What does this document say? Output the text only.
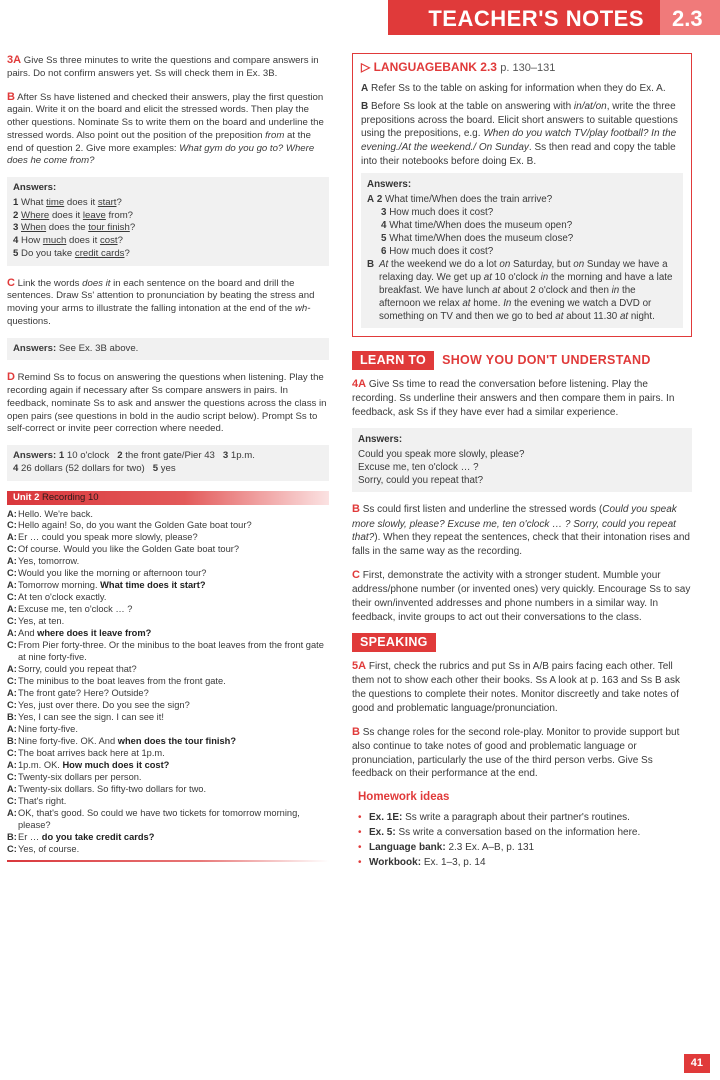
TEACHER'S NOTES	2.3

3A Give Ss three minutes to write the questions and compare answers in pairs. Do not confirm answers yet. Ss will check them in Ex. 3B.

B After Ss have listened and checked their answers, play the first question again. Write it on the board and elicit the stressed words. Then play the other questions. Nominate Ss to write them on the board and underline the stressed words. Also point out the position of the preposition from at the end of question 2. Give more examples: What gym do you go to? Where does he come from?

Answers:
1 What time does it start?
2 Where does it leave from?
3 When does the tour finish?
4 How much does it cost?
5 Do you take credit cards?

C Link the words does it in each sentence on the board and drill the sentences. Draw Ss' attention to pronunciation by beating the stress and moving your arms to illustrate the falling intonation at the end of the wh- questions.

Answers: See Ex. 3B above.

D Remind Ss to focus on answering the questions when listening. Play the recording again if necessary after Ss compare answers in pairs. In feedback, nominate Ss to ask and answer the questions across the class in open pairs (see questions in bold in the audio script below). Prompt Ss to self-correct or invite peer correction where needed.

Answers: 1 10 o'clock 2 the front gate/Pier 43 3 1p.m.
4 26 dollars (52 dollars for two) 5 yes
Unit 2 Recording 10
A: Hello. We're back.
C: Hello again! So, do you want the Golden Gate boat tour?
A: Er … could you speak more slowly, please?
C: Of course. Would you like the Golden Gate boat tour?
A: Yes, tomorrow.
C: Would you like the morning or afternoon tour?
A: Tomorrow morning. What time does it start?
C: At ten o'clock exactly.
A: Excuse me, ten o'clock … ?
C: Yes, at ten.
A: And where does it leave from?
C: From Pier forty-three. Or the minibus to the boat leaves from the front gate at nine forty-five.
A: Sorry, could you repeat that?
C: The minibus to the boat leaves from the front gate.
A: The front gate? Here? Outside?
C: Yes, just over there. Do you see the sign?
B: Yes, I can see the sign. I can see it!
A: Nine forty-five.
B: Nine forty-five. OK. And when does the tour finish?
C: The boat arrives back here at 1p.m.
A: 1p.m. OK. How much does it cost?
C: Twenty-six dollars per person.
A: Twenty-six dollars. So fifty-two dollars for two.
C: That's right.
A: OK, that's good. So could we have two tickets for tomorrow morning, please?
B: Er … do you take credit cards?
C: Yes, of course.
▷ LANGUAGEBANK 2.3 p. 130–131

A Refer Ss to the table on asking for information when they do Ex. A.

B Before Ss look at the table on answering with in/at/on, write the three prepositions across the board. Elicit short answers to suitable questions using the prepositions, e.g. When do you watch TV/play football? In the evening./At the weekend./ On Sunday. Ss then read and copy the table into their notebooks before doing Ex. B.

Answers:
A 2 What time/When does the train arrive?
3 How much does it cost?
4 What time/When does the museum open?
5 What time/When does the museum close?
6 How much does it cost?
B At the weekend we do a lot on Saturday, but on Sunday we have a relaxing day. We get up at 10 o'clock in the morning and have a late breakfast. We have lunch at about 2 o'clock and then in the afternoon we relax at home. In the evening we watch a DVD or something on TV and then we go to bed at about 11.30 at night.
LEARN TO	SHOW YOU DON'T UNDERSTAND

4A Give Ss time to read the conversation before listening. Play the recording. Ss underline their answers and then compare them in pairs. In feedback, ask Ss if they have ever had a similar experience.

Answers:
Could you speak more slowly, please?
Excuse me, ten o'clock … ?
Sorry, could you repeat that?

B Ss could first listen and underline the stressed words (Could you speak more slowly, please? Excuse me, ten o'clock … ? Sorry, could you repeat that?). When they repeat the sentences, check that their intonation rises and falls in the same way as the recording.

C First, demonstrate the activity with a stronger student. Mumble your address/phone number (or invented ones) very quickly. Encourage Ss to say their own/invented addresses and phone numbers in a similar way. In feedback, invite groups to act out their conversations to the class.

SPEAKING

5A First, check the rubrics and put Ss in A/B pairs facing each other. Tell them not to show each other their books. Ss A look at p. 163 and Ss B ask the questions to complete their notes. Monitor discreetly and take notes of good and problematic language/pronunciation.

B Ss change roles for the second role-play. Monitor to provide support but also continue to take notes of good and problematic language or pronunciation, particularly the use of the third person verbs. Give Ss feedback on their performance at the end.

Homework ideas
• Ex. 1E: Ss write a paragraph about their partner's routines.
• Ex. 5: Ss write a conversation based on the information here.
• Language bank: 2.3 Ex. A–B, p. 131
• Workbook: Ex. 1–3, p. 14
41
